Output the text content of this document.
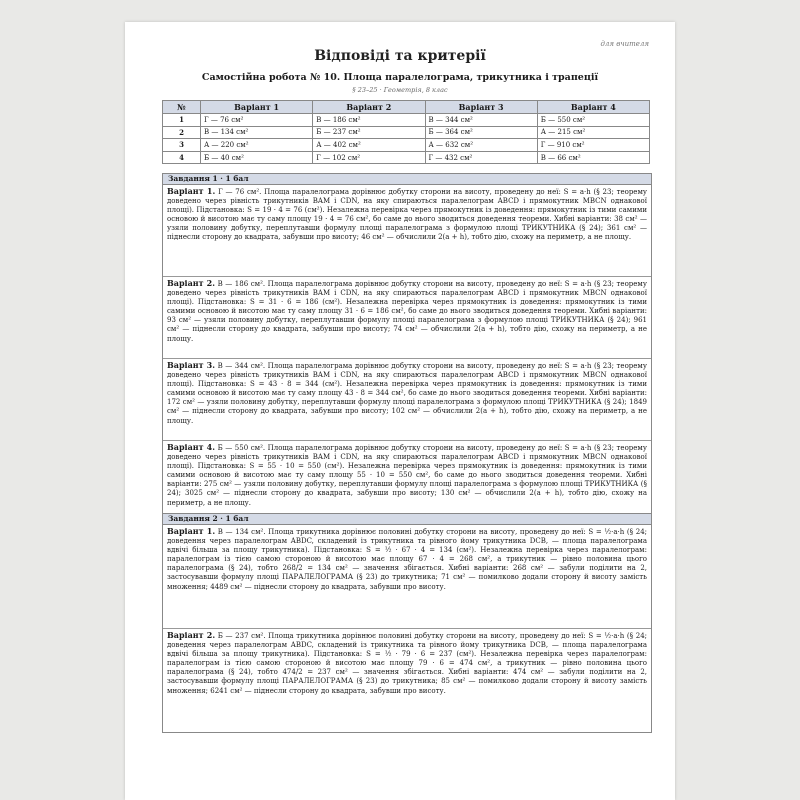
для вчителя
Відповіді та критерії
Самостійна робота № 10. Площа паралелограма, трикутника і трапеції
§ 23–25 · Геометрія, 8 клас
№	Варіант 1	Варіант 2	Варіант 3	Варіант 4
1	Г — 76 см²	В — 186 см²	В — 344 см²	Б — 550 см²
2	В — 134 см²	Б — 237 см²	Б — 364 см²	А — 215 см²
3	А — 220 см²	А — 402 см²	А — 632 см²	Г — 910 см²
4	Б — 40 см²	Г — 102 см²	Г — 432 см²	В — 66 см²
Завдання 1 · 1 бал
Варіант 1. Г — 76 см². Площа паралелограма дорівнює добутку сторони на висоту, проведену до неї: S = a·h (§ 23; теорему доведено через рівність трикутників BAM і CDN, на яку спираються паралелограм ABCD і прямокутник MBCN однакової площі). Підстановка: S = 19 · 4 = 76 (см²). Незалежна перевірка через прямокутник із доведення: прямокутник із тими самими основою й висотою має ту саму площу 19 · 4 = 76 см², бо саме до нього зводиться доведення теореми. Хибні варіанти: 38 см² — узяли половину добутку, переплутавши формулу площі паралелограма з формулою площі ТРИКУТНИКА (§ 24); 361 см² — піднесли сторону до квадрата, забувши про висоту; 46 см² — обчислили 2(a + h), тобто дію, схожу на периметр, а не площу.
Варіант 2. В — 186 см². Площа паралелограма дорівнює добутку сторони на висоту, проведену до неї: S = a·h (§ 23; теорему доведено через рівність трикутників BAM і CDN, на яку спираються паралелограм ABCD і прямокутник MBCN однакової площі). Підстановка: S = 31 · 6 = 186 (см²). Незалежна перевірка через прямокутник із доведення: прямокутник із тими самими основою й висотою має ту саму площу 31 · 6 = 186 см², бо саме до нього зводиться доведення теореми. Хибні варіанти: 93 см² — узяли половину добутку, переплутавши формулу площі паралелограма з формулою площі ТРИКУТНИКА (§ 24); 961 см² — піднесли сторону до квадрата, забувши про висоту; 74 см² — обчислили 2(a + h), тобто дію, схожу на периметр, а не площу.
Варіант 3. В — 344 см². Площа паралелограма дорівнює добутку сторони на висоту, проведену до неї: S = a·h (§ 23; теорему доведено через рівність трикутників BAM і CDN, на яку спираються паралелограм ABCD і прямокутник MBCN однакової площі). Підстановка: S = 43 · 8 = 344 (см²). Незалежна перевірка через прямокутник із доведення: прямокутник із тими самими основою й висотою має ту саму площу 43 · 8 = 344 см², бо саме до нього зводиться доведення теореми. Хибні варіанти: 172 см² — узяли половину добутку, переплутавши формулу площі паралелограма з формулою площі ТРИКУТНИКА (§ 24); 1849 см² — піднесли сторону до квадрата, забувши про висоту; 102 см² — обчислили 2(a + h), тобто дію, схожу на периметр, а не площу.
Варіант 4. Б — 550 см². Площа паралелограма дорівнює добутку сторони на висоту, проведену до неї: S = a·h (§ 23; теорему доведено через рівність трикутників BAM і CDN, на яку спираються паралелограм ABCD і прямокутник MBCN однакової площі). Підстановка: S = 55 · 10 = 550 (см²). Незалежна перевірка через прямокутник із доведення: прямокутник із тими самими основою й висотою має ту саму площу 55 · 10 = 550 см², бо саме до нього зводиться доведення теореми. Хибні варіанти: 275 см² — узяли половину добутку, переплутавши формулу площі паралелограма з формулою площі ТРИКУТНИКА (§ 24); 3025 см² — піднесли сторону до квадрата, забувши про висоту; 130 см² — обчислили 2(a + h), тобто дію, схожу на периметр, а не площу.
Завдання 2 · 1 бал
Варіант 1. В — 134 см². Площа трикутника дорівнює половині добутку сторони на висоту, проведену до неї: S = ½·a·h (§ 24; доведення через паралелограм ABDC, складений із трикутника та рівного йому трикутника DCB, — площа паралелограма вдвічі більша за площу трикутника). Підстановка: S = ½ · 67 · 4 = 134 (см²). Незалежна перевірка через паралелограм: паралелограм із тією самою стороною й висотою має площу 67 · 4 = 268 см², а трикутник — рівно половина цього паралелограма (§ 24), тобто 268/2 = 134 см² — значення збігається. Хибні варіанти: 268 см² — забули поділити на 2, застосувавши формулу площі ПАРАЛЕЛОГРАМА (§ 23) до трикутника; 71 см² — помилково додали сторону й висоту замість множення; 4489 см² — піднесли сторону до квадрата, забувши про висоту.
Варіант 2. Б — 237 см². Площа трикутника дорівнює половині добутку сторони на висоту, проведену до неї: S = ½·a·h (§ 24; доведення через паралелограм ABDC, складений із трикутника та рівного йому трикутника DCB, — площа паралелограма вдвічі більша за площу трикутника). Підстановка: S = ½ · 79 · 6 = 237 (см²). Незалежна перевірка через паралелограм: паралелограм із тією самою стороною й висотою має площу 79 · 6 = 474 см², а трикутник — рівно половина цього паралелограма (§ 24), тобто 474/2 = 237 см² — значення збігається. Хибні варіанти: 474 см² — забули поділити на 2, застосувавши формулу площі ПАРАЛЕЛОГРАМА (§ 23) до трикутника; 85 см² — помилково додали сторону й висоту замість множення; 6241 см² — піднесли сторону до квадрата, забувши про висоту.
